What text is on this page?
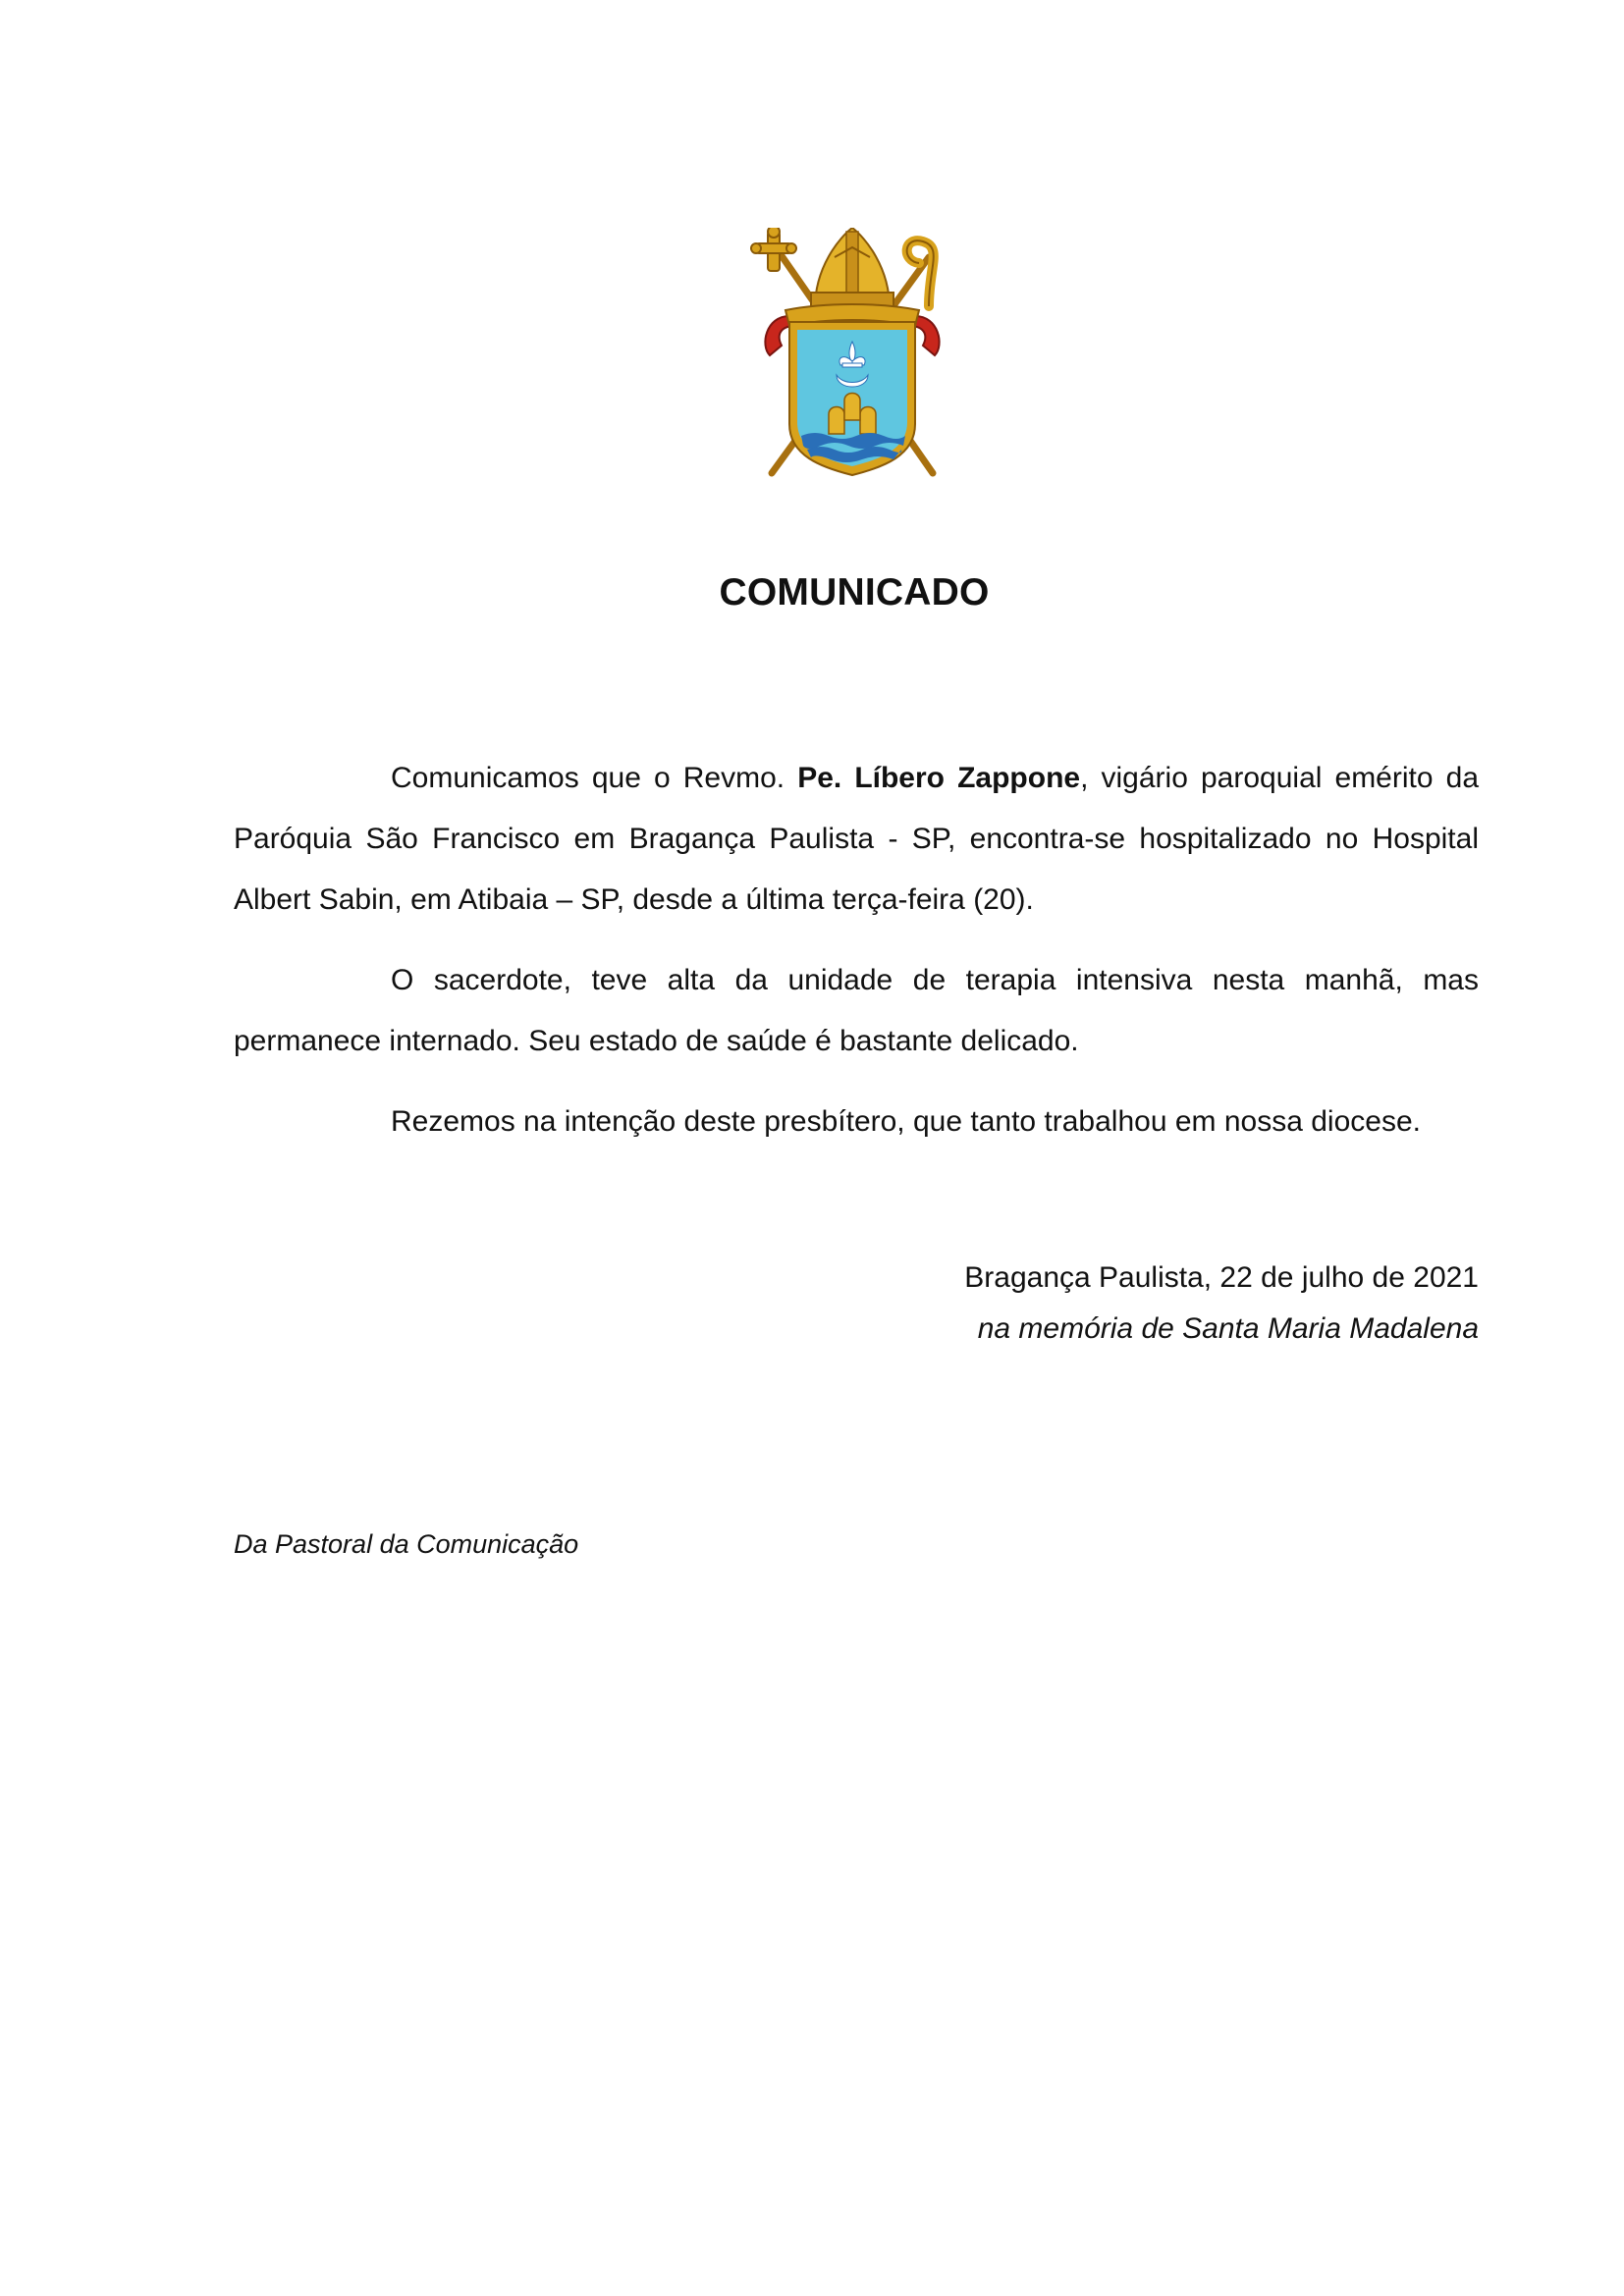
COMUNICADO

Comunicamos que o Revmo. Pe. Líbero Zappone, vigário paroquial emérito da Paróquia São Francisco em Bragança Paulista - SP, encontra-se hospitalizado no Hospital Albert Sabin, em Atibaia – SP, desde a última terça-feira (20).

O sacerdote, teve alta da unidade de terapia intensiva nesta manhã, mas permanece internado. Seu estado de saúde é bastante delicado.

Rezemos na intenção deste presbítero, que tanto trabalhou em nossa diocese.

Bragança Paulista, 22 de julho de 2021
na memória de Santa Maria Madalena
Da Pastoral da Comunicação
